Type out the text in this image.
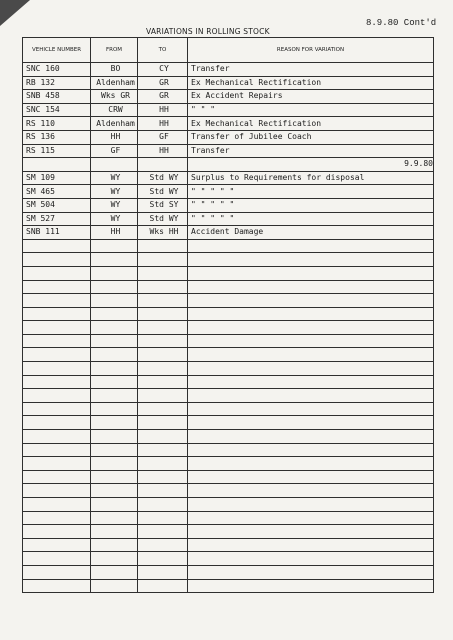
VARIATIONS IN ROLLING STOCK
8.9.80 Cont'd
VEHICLE NUMBER	FROM	TO	REASON FOR VARIATION
SNC 160	BO	CY	Transfer
RB 132	Aldenham	GR	Ex Mechanical Rectification
SNB 458	Wks GR	GR	Ex Accident Repairs
SNC 154	CRW	HH	" " "
RS 110	Aldenham	HH	Ex Mechanical Rectification
RS 136	HH	GF	Transfer of Jubilee Coach
RS 115	GF	HH	Transfer
			9.9.80
SM 109	WY	Std WY	Surplus to Requirements for disposal
SM 465	WY	Std WY	" " " " "
SM 504	WY	Std SY	" " " " "
SM 527	WY	Std WY	" " " " "
SNB 111	HH	Wks HH	Accident Damage
